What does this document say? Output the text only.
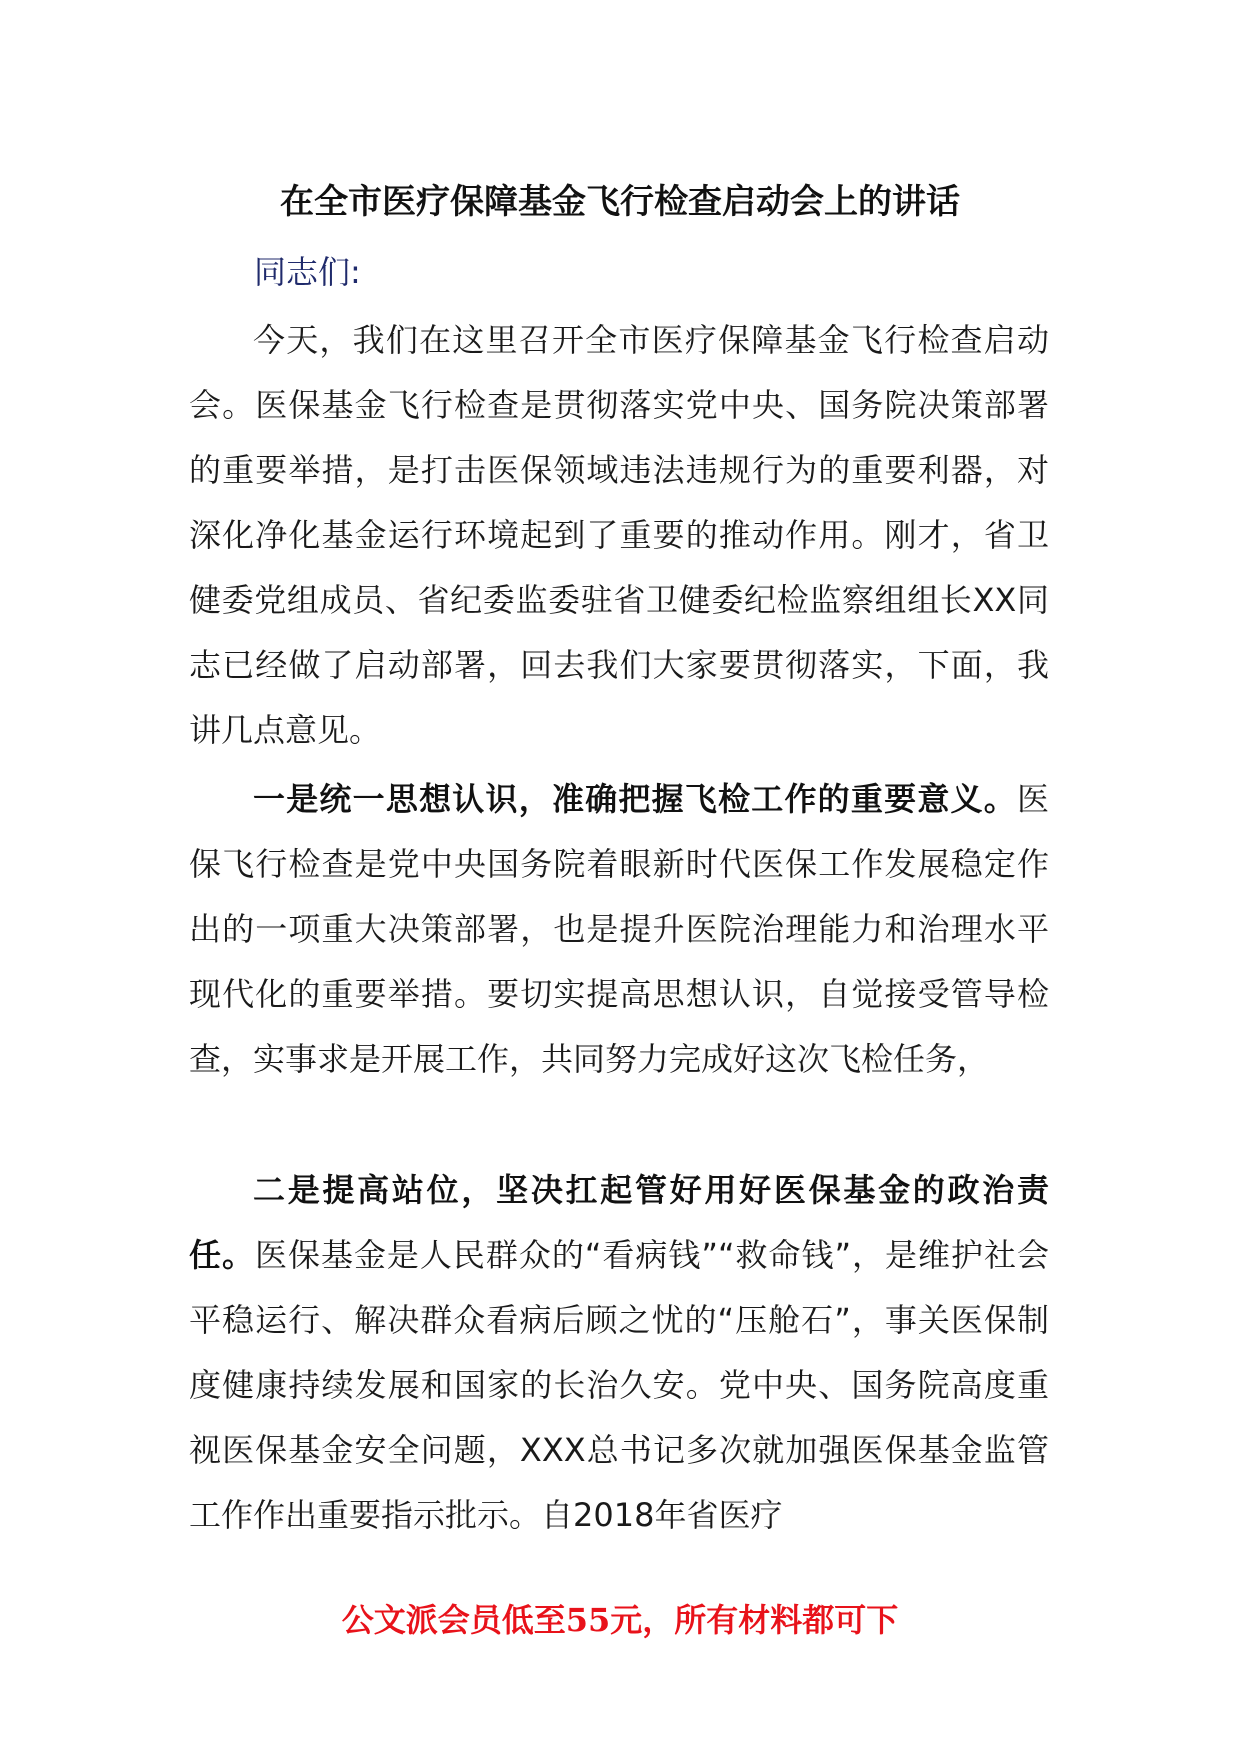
在全市医疗保障基金飞行检查启动会上的讲话
同志们:
今天，我们在这里召开全市医疗保障基金飞行检查启动会。医保基金飞行检查是贯彻落实党中央、国务院决策部署的重要举措，是打击医保领域违法违规行为的重要利器，对深化净化基金运行环境起到了重要的推动作用。刚才，省卫健委党组成员、省纪委监委驻省卫健委纪检监察组组长XX同志已经做了启动部署，回去我们大家要贯彻落实，下面，我讲几点意见。
一是统一思想认识，准确把握飞检工作的重要意义。医保飞行检查是党中央国务院着眼新时代医保工作发展稳定作出的一项重大决策部署，也是提升医院治理能力和治理水平现代化的重要举措。要切实提高思想认识，自觉接受管导检查，实事求是开展工作，共同努力完成好这次飞检任务，
二是提高站位，坚决扛起管好用好医保基金的政治责任。医保基金是人民群众的“看病钱”“救命钱”，是维护社会平稳运行、解决群众看病后顾之忧的“压舱石”，事关医保制度健康持续发展和国家的长治久安。党中央、国务院高度重视医保基金安全问题，XXX总书记多次就加强医保基金监管工作作出重要指示批示。自2018年省医疗
公文派会员低至55元，所有材料都可下
